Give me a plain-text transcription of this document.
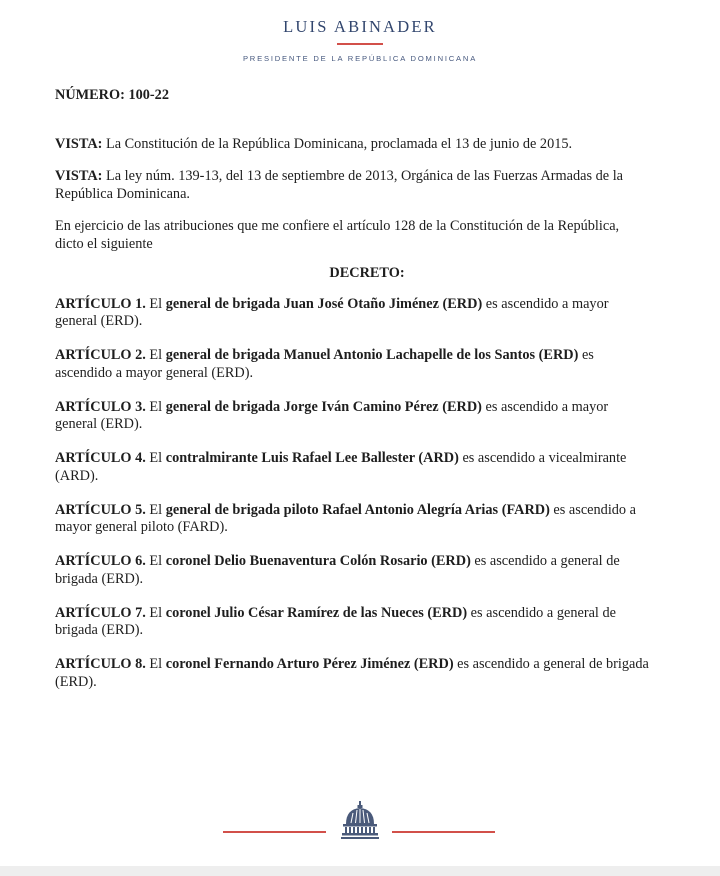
LUIS ABINADER
PRESIDENTE DE LA REPÚBLICA DOMINICANA

NÚMERO: 100-22

VISTA: La Constitución de la República Dominicana, proclamada el 13 de junio de 2015.

VISTA: La ley núm. 139-13, del 13 de septiembre de 2013, Orgánica de las Fuerzas Armadas de la República Dominicana.

En ejercicio de las atribuciones que me confiere el artículo 128 de la Constitución de la República, dicto el siguiente

DECRETO:

ARTÍCULO 1. El general de brigada Juan José Otaño Jiménez (ERD) es ascendido a mayor general (ERD).

ARTÍCULO 2. El general de brigada Manuel Antonio Lachapelle de los Santos (ERD) es ascendido a mayor general (ERD).

ARTÍCULO 3. El general de brigada Jorge Iván Camino Pérez (ERD) es ascendido a mayor general (ERD).

ARTÍCULO 4. El contralmirante Luis Rafael Lee Ballester (ARD) es ascendido a vicealmirante (ARD).

ARTÍCULO 5. El general de brigada piloto Rafael Antonio Alegría Arias (FARD) es ascendido a mayor general piloto (FARD).

ARTÍCULO 6. El coronel Delio Buenaventura Colón Rosario (ERD) es ascendido a general de brigada (ERD).

ARTÍCULO 7. El coronel Julio César Ramírez de las Nueces (ERD) es ascendido a general de brigada (ERD).

ARTÍCULO 8. El coronel Fernando Arturo Pérez Jiménez (ERD) es ascendido a general de brigada (ERD).
